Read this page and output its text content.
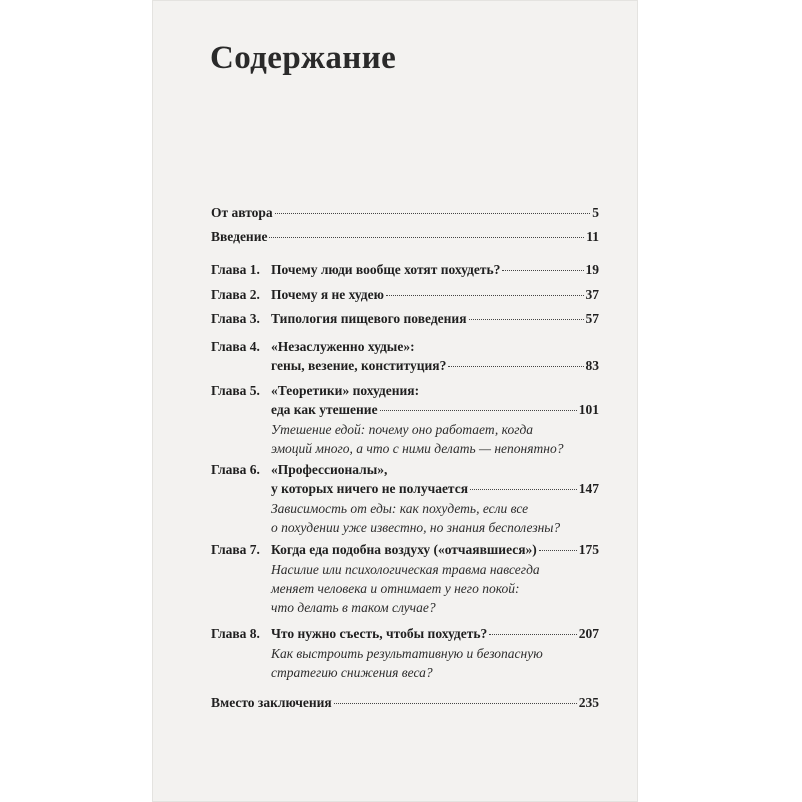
Содержание
От автора	5
Введение	11
Глава 1. Почему люди вообще хотят похудеть?	19
Глава 2. Почему я не худею	37
Глава 3. Типология пищевого поведения	57
Глава 4. «Незаслуженно худые»:
гены, везение, конституция?	83
Глава 5. «Теоретики» похудения:
еда как утешение	101
Утешение едой: почему оно работает, когда
эмоций много, а что с ними делать — непонятно?
Глава 6. «Профессионалы»,
у которых ничего не получается	147
Зависимость от еды: как похудеть, если все
о похудении уже известно, но знания бесполезны?
Глава 7. Когда еда подобна воздуху («отчаявшиеся»)	175
Насилие или психологическая травма навсегда
меняет человека и отнимает у него покой:
что делать в таком случае?
Глава 8. Что нужно съесть, чтобы похудеть?	207
Как выстроить результативную и безопасную
стратегию снижения веса?
Вместо заключения	235
